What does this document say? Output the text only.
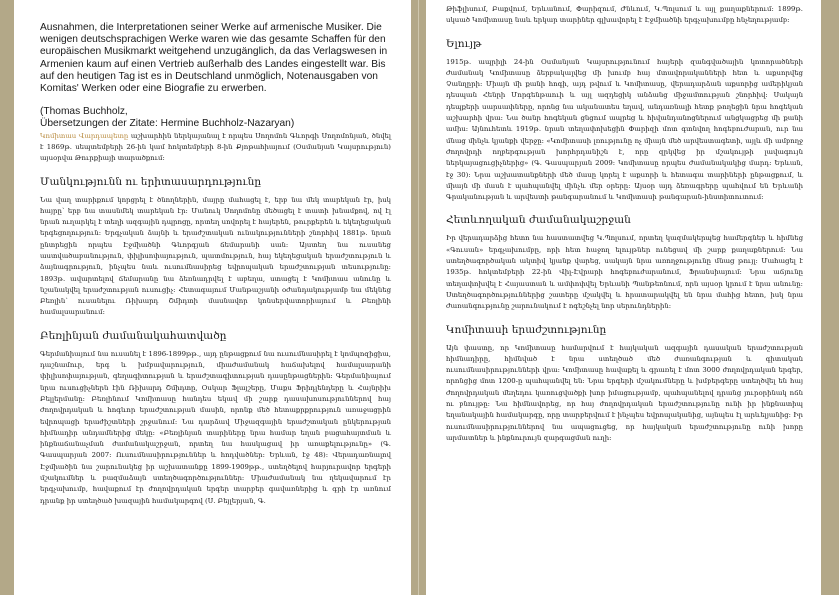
Ausnahmen, die Interpretationen seiner Werke auf armenische Musiker. Die wenigen deutschsprachigen Werke waren wie das gesamte Schaffen für den europäischen Musikmarkt weitgehend unzugänglich, da das Verlagswesen in Armenien kaum auf einen Vertrieb außerhalb des Landes eingestellt war. Bis auf den heutigen Tag ist es in Deutschland unmöglich, Notenausgaben von Komitas' Werken oder eine Biografie zu erwerben.

(Thomas Buchholz,

Übersetzungen der Zitate: Hermine Buchholz-Nazaryan)

Կոմիտաս Վարդապետը աշխարհին ներկայանալ է որպես Սողոմոն Գևորգի Սողոմոնյան, ծնվել է 1869թ. սեպտեմբերի 26-ին կամ հոկտեմբերի 8-ին Քյոթահիայում (Օսմանյան Կայսրություն) այսօրվա Թուրքիայի տարածքում:

Մանկությունն ու երիտասարդությունը

Նա վաղ տարիքում կորցրել է ծնողներին, մայրը մահացել է, երբ նա մեկ տարեկան էր, իսկ հայրը՝ երբ նա տասնմեկ տարեկան էր: Մանուկ Սողոմոնը մեծացել է տատի խնամքով, ով էլ նրան ուղարկել է տեղի ազգային դպրոցը, որտեղ սովորել է հայերեն, թուրքերեն և եկեղեցական երգեցողություն: Երգչական ձայնի և երաժշտական ունակությունների շնորհիվ 1881թ. նրան ընտրեցին որպես Էջմիածնի Գևորգյան ճեմարանի սան: Այստեղ նա ուսանեց աստվածաբանություն, փիլիսոփայություն, պատմություն, հայ եկեղեցական երաժշտություն և ձայնագրություն, ինչպես նաև ուսումնասիրեց եվրոպական երաժշտության տեսությունը: 1893թ. ավարտելով ճեմարանը նա ձեռնադրվել է աբեղա, ստացել է Կոմիտաս անունը և նշանակվել երաժշտության ուսուցիչ: Հետագայում Մանթաշյանի օժանդակությամբ նա մեկնեց Բեռլին՝ ուսանելու Ռիխարդ Շմիդտի մասնավոր կոնսերվատորիայում և Բեռլինի համալսարանում:

Բեռլինյան ժամանակահատվածը

Գերմանիայում նա ուսանել է 1896-1899թթ., այդ ընթացքում նա ուսումնասիրել է կոմպոզիցիա, դաշնամուր, երգ և խմբավարություն, միաժամանակ հաճախելով համալսարանի փիլիսոփայության, գեղագիտության և երաժշտագիտության դասընթացներին: Գերմանիայում նրա ուսուցիչներն էին Ռիխարդ Շմիդտը, Օսկար Ֆլայշերը, Մաքս Ֆրիդլենդերը և Հայնրիխ Բելլերմանը: Բեռլինում Կոմիտասը հանդես եկավ մի շարք դասախոսություններով հայ ժողովրդական և հոգևոր երաժշտության մասին, որոնք մեծ հետաքրքրություն առաջացրին եվրոպացի երաժիշտների շրջանում: Նա դարձավ Միջազգային երաժշտական ընկերության հիմնադիր անդամներից մեկը: «Բեռլինյան տարիները նրա համար եղան բացահայտման և ինքնաճանաչման ժամանակաշրջան, որտեղ նա հասկացավ իր առաքելությունը» (Գ. Գասպարյան 2007: Ուսումնասիրություններ և հոդվածներ: Երևան, էջ 48): Վերադառնալով Էջմիածին նա շարունակեց իր աշխատանքը 1899-1909թթ., ստեղծելով հարյուրավոր երգերի մշակումներ և բազմաձայն ստեղծագործություններ: Միաժամանակ նա ղեկավարում էր երգչախումբ, հավաքում էր ժողովրդական երգեր տարբեր գավառներից և գրի էր առնում դրանք իր ստեղծած խազային համակարգով (Ս. Բեյլերյան, Գ.

Թիֆլիսում, Բաքվում, Երևանում, Փարիզում, Ժնևում, Կ.Պոլսում և այլ քաղաքներում: 1899թ. սկսած Կոմիտասը նաև երկար տարիներ գլխավորել է Էջմիածնի երգչախումբը հնչեղությամբ:

Ելույթ

1915թ. ապրիլի 24-ին Օսմանյան Կայսրությունում հայերի զանգվածային կոտորածների ժամանակ Կոմիտասը ձերբակալվեց մի խումբ հայ մտավորականների հետ և աքսորվեց Չանղըրի: Միայն մի քանի հոգի, այդ թվում և Կոմիտասը, վերադարձան աքսորից ամերիկյան դեսպան Հենրի Մորգենթաուի և այլ ազդեցիկ անձանց միջամտության շնորհիվ: Սակայն դեպքերի սարսափները, որոնց նա ականատես եղավ, անդառնալի հետք թողեցին նրա հոգեկան աշխարհի վրա: Նա ծանր հոգեկան ցնցում ապրեց և հիվանդանոցներում անցկացրեց մի քանի ամիս: Այնուհետև 1919թ. նրան տեղափոխեցին Փարիզի մոտ գտնվող հոգեբուժարան, ուր նա մնաց մինչև կյանքի վերջը: «Կոմիտասի լռությունը ոչ միայն մեծ արվեստագետի, այլև մի ամբողջ ժողովրդի ողբերգության խորհրդանիշն է, որը զրկվեց իր մշակույթի լավագույն ներկայացուցիչներից» (Գ. Գասպարյան 2009: Կոմիտասը որպես ժամանակակից մարդ: Երևան, էջ 30): Նրա աշխատանքների մեծ մասը կորել է աքսորի և հետագա տարիների ընթացքում, և միայն մի մասն է պահպանվել մինչև մեր օրերը: Այսօր այդ ձեռագրերը պահվում են Երևանի Գրականության և արվեստի թանգարանում և Կոմիտասի թանգարան-ինստիտուտում:

Հետևողական ժամանակաշրջան

Իր վերադարձից հետո նա հաստատվեց Կ.Պոլսում, որտեղ կազմակերպեց համերգներ և հիմնեց «Գուսան» երգչախումբը, որի հետ հաջող ելույթներ ունեցավ մի շարք քաղաքներում: Նա ստեղծագործական ակտիվ կյանք վարեց, սակայն նրա առողջությունը մնաց թույլ: Մահացել է 1935թ. հոկտեմբերի 22-ին Վիլ-Էվրարի հոգեբուժարանում, Ֆրանսիայում: Նրա աճյունը տեղափոխվել է Հայաստան և ամփոփվել Երևանի Պանթեոնում, որն այսօր կրում է նրա անունը: Ստեղծագործություններից շատերը մշակվել և հրատարակվել են նրա մահից հետո, իսկ նրա ժառանգությունը շարունակում է ոգեշնչել նոր սերունդներին:

Կոմիտասի երաժշտությունը

Այն փաստը, որ Կոմիտասը համարվում է հայկական ազգային դասական երաժշտության հիմնադիրը, հիմնված է նրա ստեղծած մեծ ժառանգության և գիտական ուսումնասիրությունների վրա: Կոմիտասը հավաքել և գրառել է մոտ 3000 ժողովրդական երգեր, որոնցից մոտ 1200-ը պահպանվել են: Նրա երգերի մշակումները և խմբերգերը ստեղծվել են հայ ժողովրդական մեղեդու կառուցվածքի խոր իմացությամբ, պահպանելով դրանց յուրօրինակ ոճն ու բնույթը: Նա հիմնավորեց, որ հայ ժողովրդական երաժշտությունը ունի իր ինքնատիպ եղանակային համակարգը, որը տարբերվում է ինչպես եվրոպականից, այնպես էլ արևելյանից: Իր ուսումնասիրություններով նա ապացուցեց, որ հայկական երաժշտությունը ունի խորը արմատներ և ինքնուրույն զարգացման ուղի:
